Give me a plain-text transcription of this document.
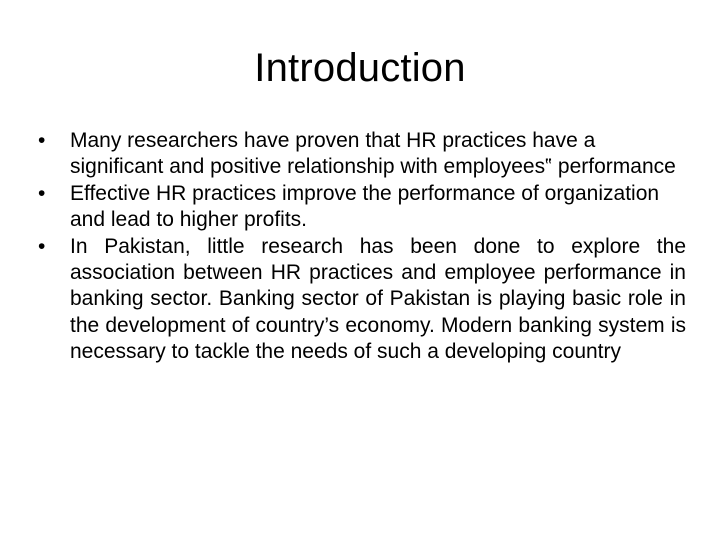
Introduction
•	Many researchers have proven that HR practices have a significant and positive relationship with employees‟ performance
•	Effective HR practices improve the performance of organization and lead to higher profits.
•	In Pakistan, little research has been done to explore the association between HR practices and employee performance in banking sector. Banking sector of Pakistan is playing basic role in the development of country’s economy. Modern banking system is necessary to tackle the needs of such a developing country
